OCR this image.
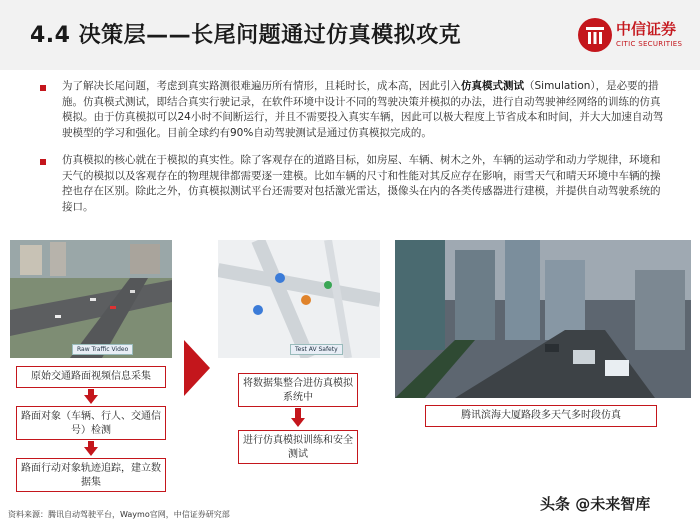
4.4 决策层——长尾问题通过仿真模拟攻克	中信证券
CITIC SECURITIES
为了解决长尾问题，考虑到真实路测很难遍历所有情形，且耗时长，成本高，因此引入仿真模式测试（Simulation），是必要的措施。仿真模式测试，即结合真实行驶记录，在软件环境中设计不同的驾驶决策并模拟的办法，进行自动驾驶神经网络的训练的仿真模拟。由于仿真模拟可以24小时不间断运行，并且不需要投入真实车辆，因此可以极大程度上节省成本和时间，并大大加速自动驾驶模型的学习和强化。目前全球约有90%自动驾驶测试是通过仿真模拟完成的。
仿真模拟的核心就在于模拟的真实性。除了客观存在的道路目标，如房屋、车辆、树木之外，车辆的运动学和动力学规律，环境和天气的模拟以及客观存在的物理规律都需要逐一建模。比如车辆的尺寸和性能对其反应存在影响，雨雪天气和晴天环境中车辆的操控也存在区别。除此之外，仿真模拟测试平台还需要对包括激光雷达，摄像头在内的各类传感器进行建模，并提供自动驾驶系统的接口。
Raw Traffic Video	Test AV Safety
腾讯滨海大厦路段多天气多时段仿真
原始交通路面视频信息采集
路面对象（车辆、行人、交通信号）检测
路面行动对象轨迹追踪，建立数据集
将数据集整合进仿真模拟系统中
进行仿真模拟训练和安全测试
资料来源：腾讯自动驾驶平台，Waymo官网，中信证券研究部
头条 @未来智库
